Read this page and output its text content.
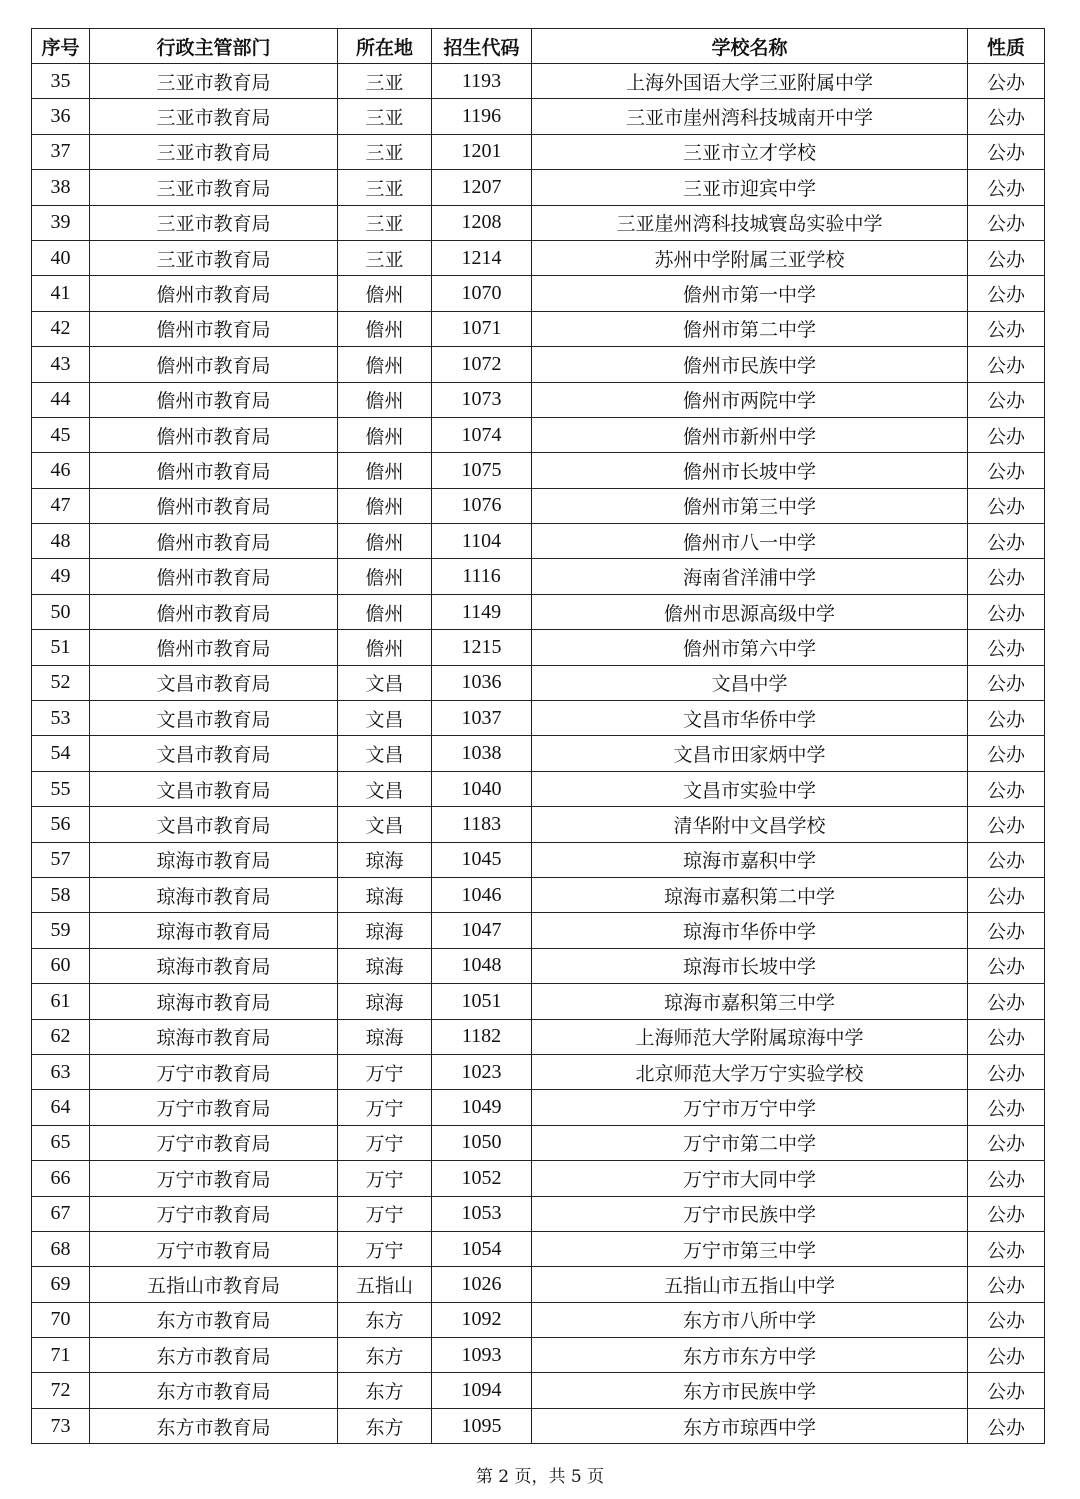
序号	行政主管部门	所在地	招生代码	学校名称	性质
35	三亚市教育局	三亚	1193	上海外国语大学三亚附属中学	公办
36	三亚市教育局	三亚	1196	三亚市崖州湾科技城南开中学	公办
37	三亚市教育局	三亚	1201	三亚市立才学校	公办
38	三亚市教育局	三亚	1207	三亚市迎宾中学	公办
39	三亚市教育局	三亚	1208	三亚崖州湾科技城寰岛实验中学	公办
40	三亚市教育局	三亚	1214	苏州中学附属三亚学校	公办
41	儋州市教育局	儋州	1070	儋州市第一中学	公办
42	儋州市教育局	儋州	1071	儋州市第二中学	公办
43	儋州市教育局	儋州	1072	儋州市民族中学	公办
44	儋州市教育局	儋州	1073	儋州市两院中学	公办
45	儋州市教育局	儋州	1074	儋州市新州中学	公办
46	儋州市教育局	儋州	1075	儋州市长坡中学	公办
47	儋州市教育局	儋州	1076	儋州市第三中学	公办
48	儋州市教育局	儋州	1104	儋州市八一中学	公办
49	儋州市教育局	儋州	1116	海南省洋浦中学	公办
50	儋州市教育局	儋州	1149	儋州市思源高级中学	公办
51	儋州市教育局	儋州	1215	儋州市第六中学	公办
52	文昌市教育局	文昌	1036	文昌中学	公办
53	文昌市教育局	文昌	1037	文昌市华侨中学	公办
54	文昌市教育局	文昌	1038	文昌市田家炳中学	公办
55	文昌市教育局	文昌	1040	文昌市实验中学	公办
56	文昌市教育局	文昌	1183	清华附中文昌学校	公办
57	琼海市教育局	琼海	1045	琼海市嘉积中学	公办
58	琼海市教育局	琼海	1046	琼海市嘉积第二中学	公办
59	琼海市教育局	琼海	1047	琼海市华侨中学	公办
60	琼海市教育局	琼海	1048	琼海市长坡中学	公办
61	琼海市教育局	琼海	1051	琼海市嘉积第三中学	公办
62	琼海市教育局	琼海	1182	上海师范大学附属琼海中学	公办
63	万宁市教育局	万宁	1023	北京师范大学万宁实验学校	公办
64	万宁市教育局	万宁	1049	万宁市万宁中学	公办
65	万宁市教育局	万宁	1050	万宁市第二中学	公办
66	万宁市教育局	万宁	1052	万宁市大同中学	公办
67	万宁市教育局	万宁	1053	万宁市民族中学	公办
68	万宁市教育局	万宁	1054	万宁市第三中学	公办
69	五指山市教育局	五指山	1026	五指山市五指山中学	公办
70	东方市教育局	东方	1092	东方市八所中学	公办
71	东方市教育局	东方	1093	东方市东方中学	公办
72	东方市教育局	东方	1094	东方市民族中学	公办
73	东方市教育局	东方	1095	东方市琼西中学	公办
第 2 页，共 5 页
